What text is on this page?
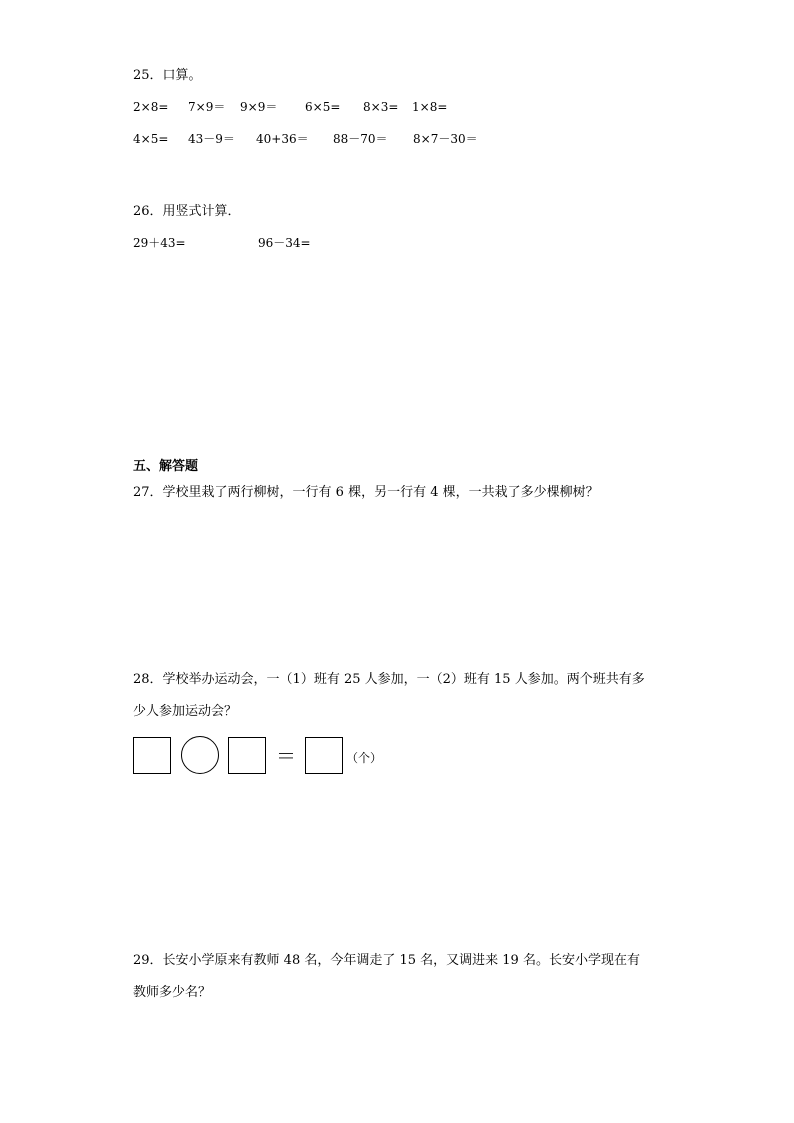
25．口算。
2×8= 7×9＝ 9×9＝ 6×5= 8×3= 1×8=
4×5= 43－9＝ 40+36＝ 88－70＝ 8×7－30＝
26．用竖式计算．
29＋43=	96－34=
五、解答题
27．学校里栽了两行柳树，一行有 6 棵，另一行有 4 棵，一共栽了多少棵柳树？
28．学校举办运动会，一（1）班有 25 人参加，一（2）班有 15 人参加。两个班共有多
少人参加运动会？
＝	（个）
29．长安小学原来有教师 48 名，今年调走了 15 名，又调进来 19 名。长安小学现在有
教师多少名？
